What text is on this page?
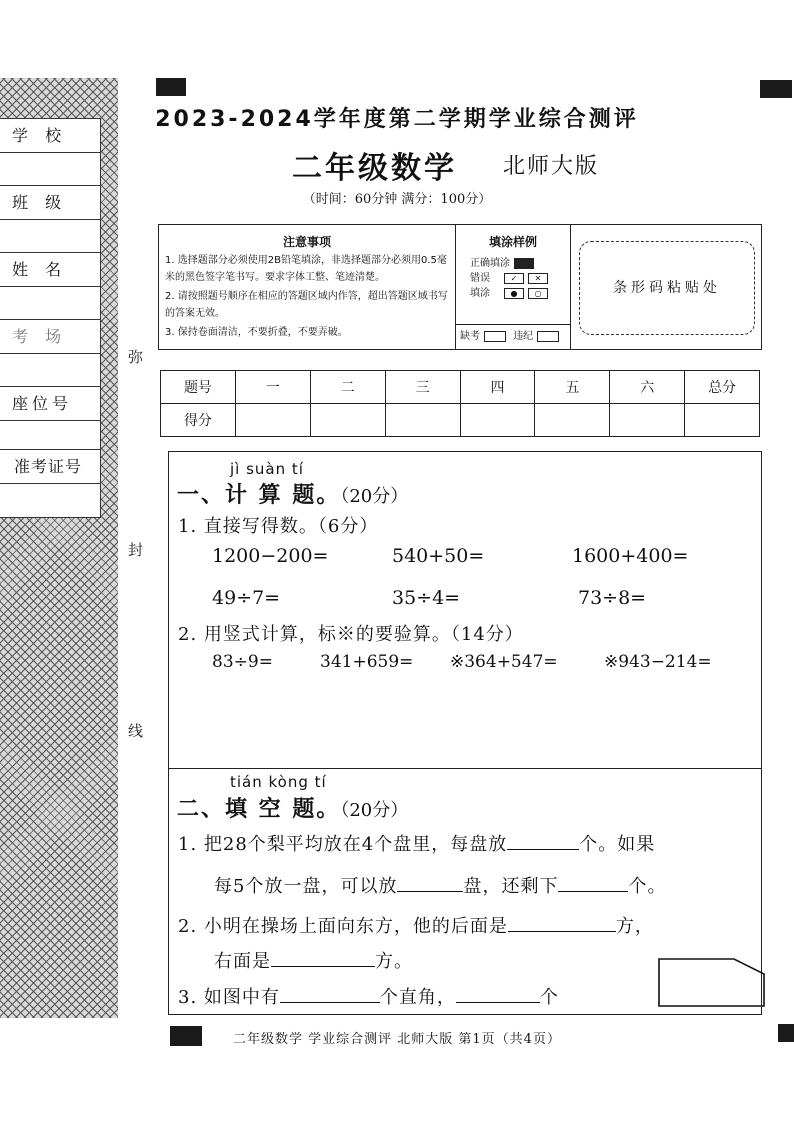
学 校
班 级
姓 名
考 场
座位号
准考证号
弥
封
线
2023-2024学年度第二学期学业综合测评
二年级数学 北师大版
（时间：60分钟 满分：100分）
注意事项
1. 选择题部分必须使用2B铅笔填涂，非选择题部分必须用0.5毫米的黑色签字笔书写。要求字体工整、笔迹清楚。
2. 请按照题号顺序在相应的答题区域内作答，超出答题区域书写的答案无效。
3. 保持卷面清洁，不要折叠，不要弄破。
填涂样例
正确填涂
错误	✓ ✕
填涂	● ○
缺考	违纪
条形码粘贴处
题号	一	二	三	四	五	六	总分
得分							
jì suàn tí
一、计 算 题。（20分）
1. 直接写得数。（6分）
1200−200=	540+50=	1600+400=
49÷7=	35÷4=	73÷8=
2. 用竖式计算，标※的要验算。（14分）
83÷9=	341+659= ※364+547=	※943−214=
tián kòng tí
二、填 空 题。（20分）
1. 把28个梨平均放在4个盘里，每盘放	个。如果
每5个放一盘，可以放	盘，还剩下	个。
2. 小明在操场上面向东方，他的后面是	方，
右面是	方。
3. 如图中有	个直角，	个
二年级数学 学业综合测评 北师大版 第1页（共4页）
